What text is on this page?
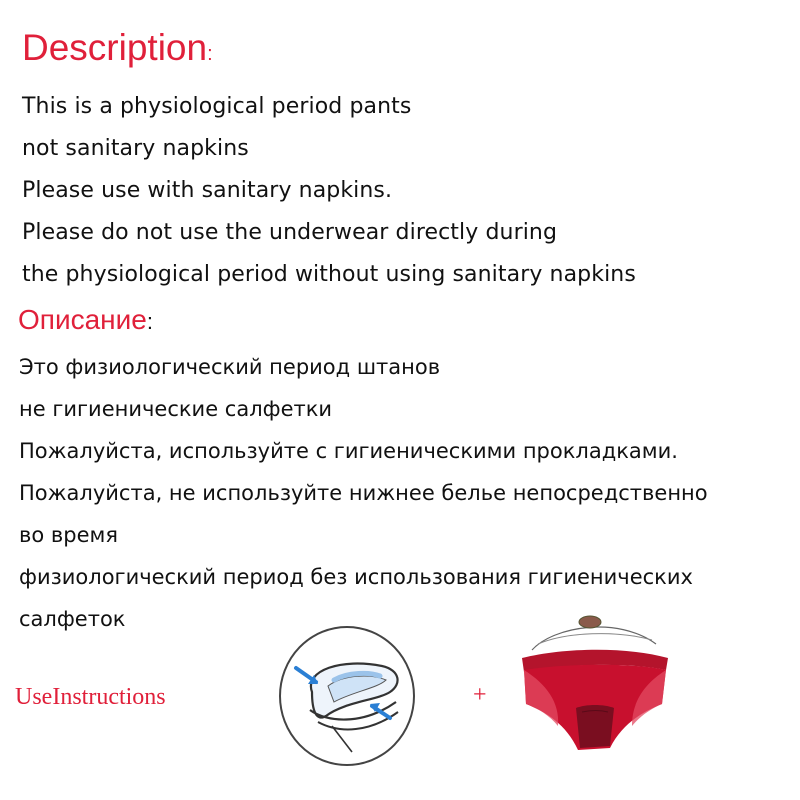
Description:
This is a physiological period pants
not sanitary napkins
Please use with sanitary napkins.
Please do not use the underwear directly during
the physiological period without using sanitary napkins
Описание:
Это физиологический период штанов
не гигиенические салфетки
Пожалуйста, используйте с гигиеническими прокладками.
Пожалуйста, не используйте нижнее белье непосредственно
во время
физиологический период без использования гигиенических
салфеток
UseInstructions	+
